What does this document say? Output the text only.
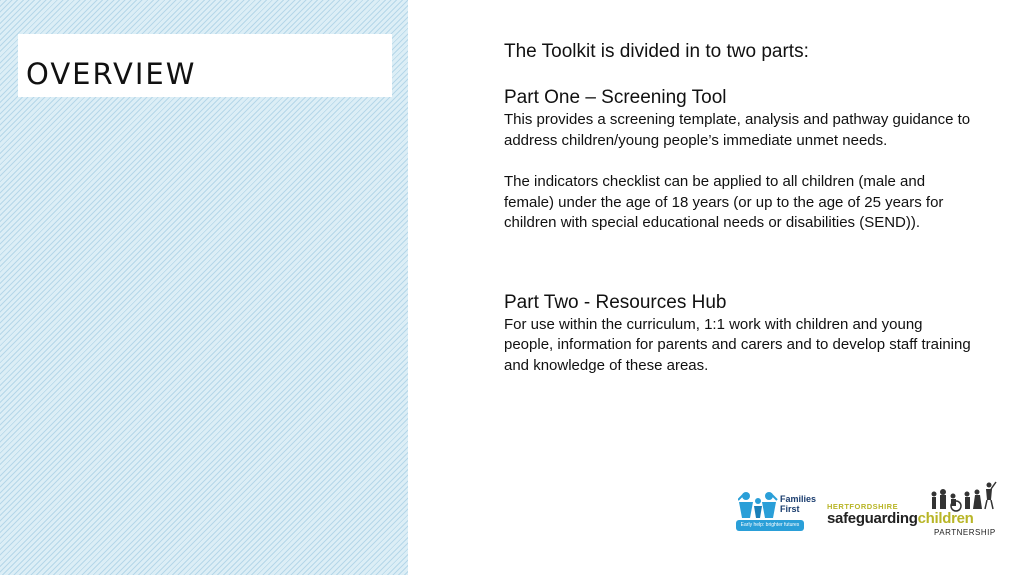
OVERVIEW

The Toolkit is divided in to two parts:

Part One – Screening Tool

This provides a screening template, analysis and pathway guidance to address children/young people’s immediate unmet needs.

The indicators checklist can be applied to all children (male and female) under the age of 18 years (or up to the age of 25 years for children with special educational needs or disabilities (SEND)).

Part Two - Resources Hub

For use within the curriculum, 1:1 work with children and young people, information for parents and carers and to develop staff training and knowledge of these areas.

Families First
Early help: brighter futures
HERTFORDSHIRE
safeguardingchildren
PARTNERSHIP
